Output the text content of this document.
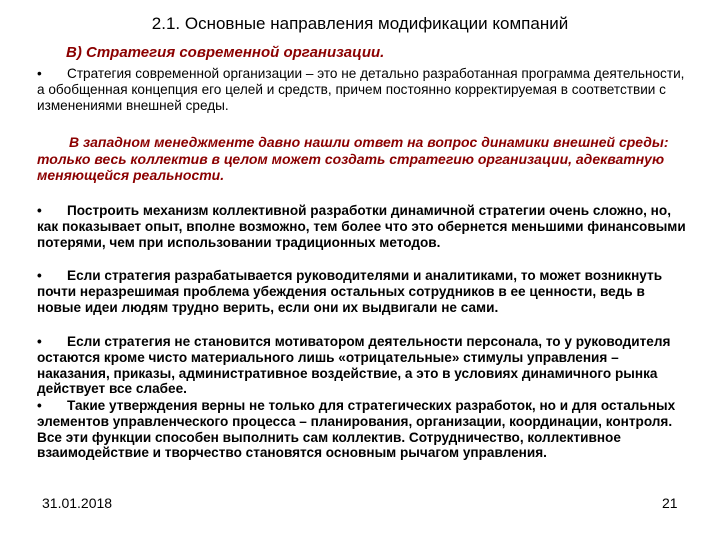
2.1. Основные направления модификации компаний
B) Стратегия современной организации.
• Стратегия современной организации – это не детально разработанная программа деятельности, а обобщенная концепция его целей и средств, причем постоянно корректируемая в соответствии с изменениями внешней среды.
В западном менеджменте давно нашли ответ на вопрос динамики внешней среды: только весь коллектив в целом может создать стратегию организации, адекватную меняющейся реальности.
• Построить механизм коллективной разработки динамичной стратегии очень сложно, но, как показывает опыт, вполне возможно, тем более что это обернется меньшими финансовыми потерями, чем при использовании традиционных методов.
• Если стратегия разрабатывается руководителями и аналитиками, то может возникнуть почти неразрешимая проблема убеждения остальных сотрудников в ее ценности, ведь в новые идеи людям трудно верить, если они их выдвигали не сами.
• Если стратегия не становится мотиватором деятельности персонала, то у руководителя остаются кроме чисто материального лишь «отрицательные» стимулы управления – наказания, приказы, административное воздействие, а это в условиях динамичного рынка действует все слабее.
• Такие утверждения верны не только для стратегических разработок, но и для остальных элементов управленческого процесса – планирования, организации, координации, контроля. Все эти функции способен выполнить сам коллектив. Сотрудничество, коллективное взаимодействие и творчество становятся основным рычагом управления.
31.01.2018	21
